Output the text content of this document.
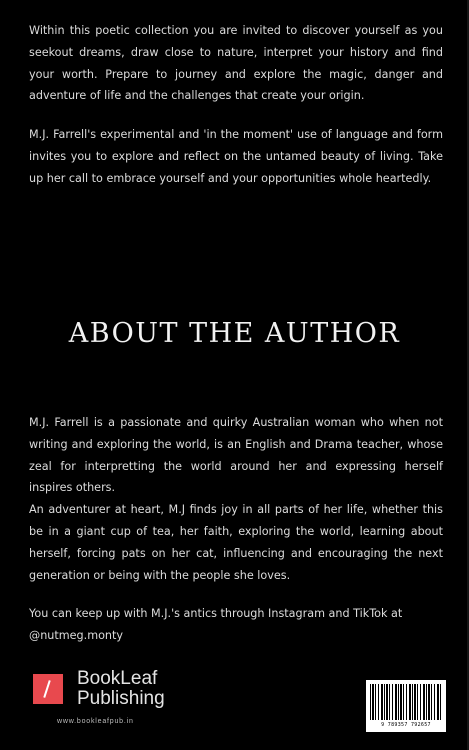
Within this poetic collection you are invited to discover yourself as you seekout dreams, draw close to nature, interpret your history and find your worth. Prepare to journey and explore the magic, danger and adventure of life and the challenges that create your origin.

M.J. Farrell's experimental and 'in the moment' use of language and form invites you to explore and reflect on the untamed beauty of living. Take up her call to embrace yourself and your opportunities whole heartedly.

ABOUT THE AUTHOR

M.J. Farrell is a passionate and quirky Australian woman who when not writing and exploring the world, is an English and Drama teacher, whose zeal for interpretting the world around her and expressing herself inspires others.

An adventurer at heart, M.J finds joy in all parts of her life, whether this be in a giant cup of tea, her faith, exploring the world, learning about herself, forcing pats on her cat, influencing and encouraging the next generation or being with the people she loves.

You can keep up with M.J.'s antics through Instagram and TikTok at @nutmeg.monty

BookLeaf
Publishing
www.bookleafpub.in	9 789357 792657
